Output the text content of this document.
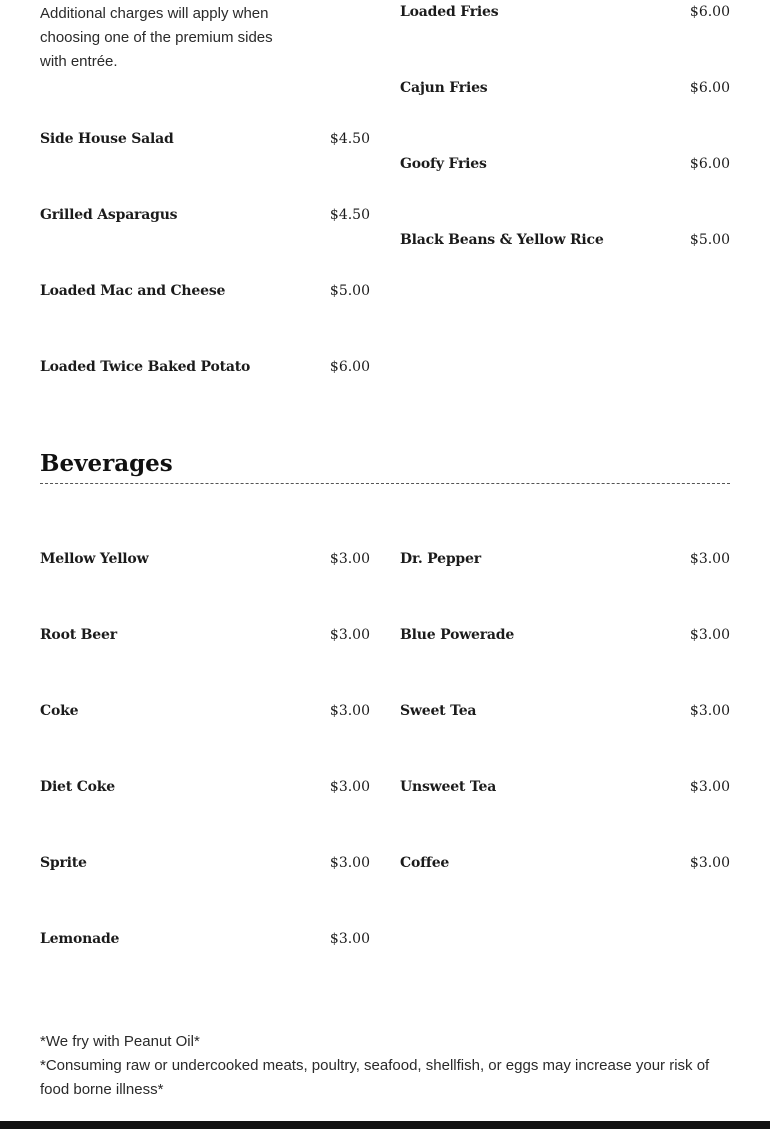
Additional charges will apply when choosing one of the premium sides with entrée.
Side House Salad	$4.50
Grilled Asparagus	$4.50
Loaded Mac and Cheese	$5.00
Loaded Twice Baked Potato	$6.00
Loaded Fries	$6.00
Cajun Fries	$6.00
Goofy Fries	$6.00
Black Beans & Yellow Rice	$5.00
Beverages
Mellow Yellow	$3.00
Root Beer	$3.00
Coke	$3.00
Diet Coke	$3.00
Sprite	$3.00
Lemonade	$3.00
Dr. Pepper	$3.00
Blue Powerade	$3.00
Sweet Tea	$3.00
Unsweet Tea	$3.00
Coffee	$3.00
*We fry with Peanut Oil*
*Consuming raw or undercooked meats, poultry, seafood, shellfish, or eggs may increase your risk of food borne illness*
